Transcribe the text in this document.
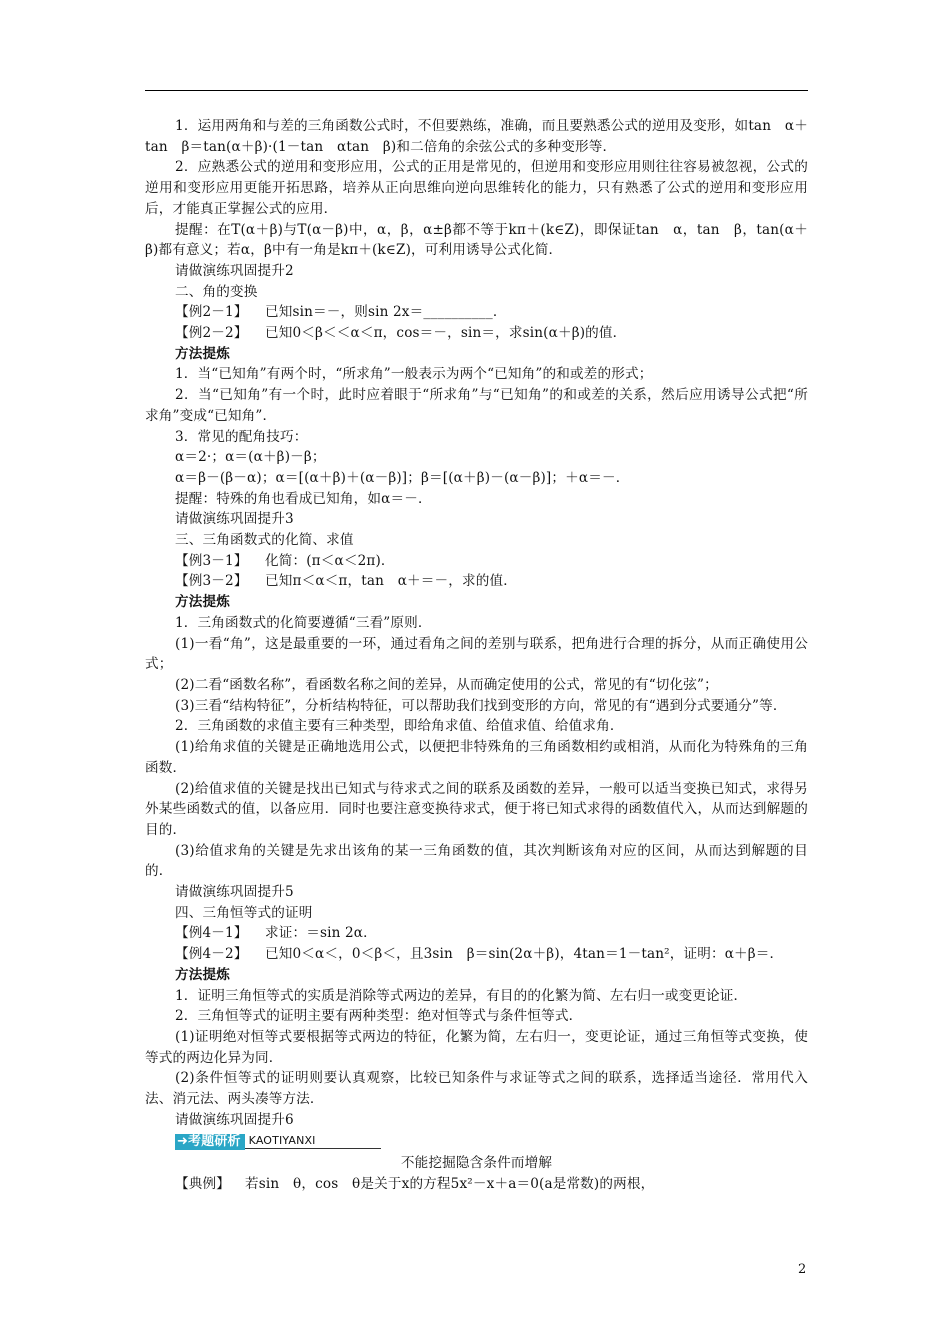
1．运用两角和与差的三角函数公式时，不但要熟练，准确，而且要熟悉公式的逆用及变形，如tan　α＋tan　β＝tan(α＋β)·(1－tan　αtan　β)和二倍角的余弦公式的多种变形等．
2．应熟悉公式的逆用和变形应用，公式的正用是常见的，但逆用和变形应用则往往容易被忽视，公式的逆用和变形应用更能开拓思路，培养从正向思维向逆向思维转化的能力，只有熟悉了公式的逆用和变形应用后，才能真正掌握公式的应用．
提醒：在T(α＋β)与T(α－β)中，α，β，α±β都不等于kπ＋(k∈Z)，即保证tan　α，tan　β，tan(α＋β)都有意义；若α，β中有一角是kπ＋(k∈Z)，可利用诱导公式化简．
请做演练巩固提升2
二、角的变换
【例2－1】 已知sin＝－，则sin 2x＝__________．
【例2－2】 已知0＜β＜＜α＜π，cos＝－，sin＝，求sin(α＋β)的值．
方法提炼
1．当“已知角”有两个时，“所求角”一般表示为两个“已知角”的和或差的形式；
2．当“已知角”有一个时，此时应着眼于“所求角”与“已知角”的和或差的关系，然后应用诱导公式把“所求角”变成“已知角”．
3．常见的配角技巧：
α＝2·；α＝(α＋β)－β；
α＝β－(β－α)；α＝[(α＋β)＋(α－β)]；β＝[(α＋β)－(α－β)]；＋α＝－．
提醒：特殊的角也看成已知角，如α＝－．
请做演练巩固提升3
三、三角函数式的化简、求值
【例3－1】 化简：(π＜α＜2π)．
【例3－2】 已知π＜α＜π，tan　α＋＝－，求的值．
方法提炼
1．三角函数式的化简要遵循“三看”原则．
(1)一看“角”，这是最重要的一环，通过看角之间的差别与联系，把角进行合理的拆分，从而正确使用公式；
(2)二看“函数名称”，看函数名称之间的差异，从而确定使用的公式，常见的有“切化弦”；
(3)三看“结构特征”，分析结构特征，可以帮助我们找到变形的方向，常见的有“遇到分式要通分”等．
2．三角函数的求值主要有三种类型，即给角求值、给值求值、给值求角．
(1)给角求值的关键是正确地选用公式，以便把非特殊角的三角函数相约或相消，从而化为特殊角的三角函数．
(2)给值求值的关键是找出已知式与待求式之间的联系及函数的差异，一般可以适当变换已知式，求得另外某些函数式的值，以备应用．同时也要注意变换待求式，便于将已知式求得的函数值代入，从而达到解题的目的．
(3)给值求角的关键是先求出该角的某一三角函数的值，其次判断该角对应的区间，从而达到解题的目的．
请做演练巩固提升5
四、三角恒等式的证明
【例4－1】 求证：＝sin 2α．
【例4－2】 已知0＜α＜，0＜β＜，且3sin　β＝sin(2α＋β)，4tan＝1－tan²，证明：α＋β＝．
方法提炼
1．证明三角恒等式的实质是消除等式两边的差异，有目的的化繁为简、左右归一或变更论证．
2．三角恒等式的证明主要有两种类型：绝对恒等式与条件恒等式．
(1)证明绝对恒等式要根据等式两边的特征，化繁为简，左右归一，变更论证，通过三角恒等式变换，使等式的两边化异为同．
(2)条件恒等式的证明则要认真观察，比较已知条件与求证等式之间的联系，选择适当途径．常用代入法、消元法、两头凑等方法．
请做演练巩固提升6
➜考题研析 KAOTIYANXI
不能挖掘隐含条件而增解
【典例】 若sin　θ，cos　θ是关于x的方程5x²－x＋a＝0(a是常数)的两根，
2
